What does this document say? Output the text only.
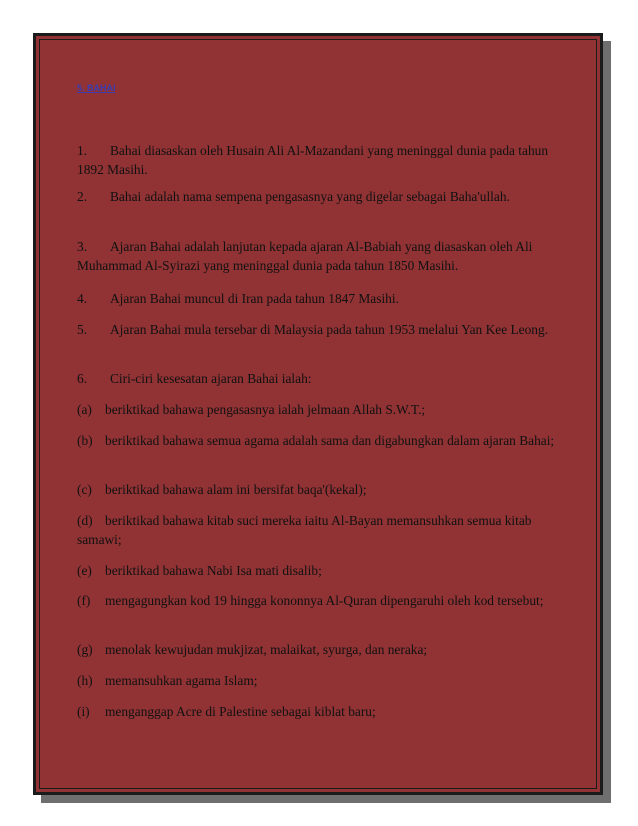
5. BAHAI
1. Bahai diasaskan oleh Husain Ali Al-Mazandani yang meninggal dunia pada tahun 1892 Masihi.
2. Bahai adalah nama sempena pengasasnya yang digelar sebagai Baha'ullah.
3. Ajaran Bahai adalah lanjutan kepada ajaran Al-Babiah yang diasaskan oleh Ali Muhammad Al-Syirazi yang meninggal dunia pada tahun 1850 Masihi.
4. Ajaran Bahai muncul di Iran pada tahun 1847 Masihi.
5. Ajaran Bahai mula tersebar di Malaysia pada tahun 1953 melalui Yan Kee Leong.
6. Ciri-ciri kesesatan ajaran Bahai ialah:
(a) beriktikad bahawa pengasasnya ialah jelmaan Allah S.W.T.;
(b) beriktikad bahawa semua agama adalah sama dan digabungkan dalam ajaran Bahai;
(c) beriktikad bahawa alam ini bersifat baqa'(kekal);
(d) beriktikad bahawa kitab suci mereka iaitu Al-Bayan memansuhkan semua kitab samawi;
(e) beriktikad bahawa Nabi Isa mati disalib;
(f) mengagungkan kod 19 hingga kononnya Al-Quran dipengaruhi oleh kod tersebut;
(g) menolak kewujudan mukjizat, malaikat, syurga, dan neraka;
(h) memansuhkan agama Islam;
(i) menganggap Acre di Palestine sebagai kiblat baru;
